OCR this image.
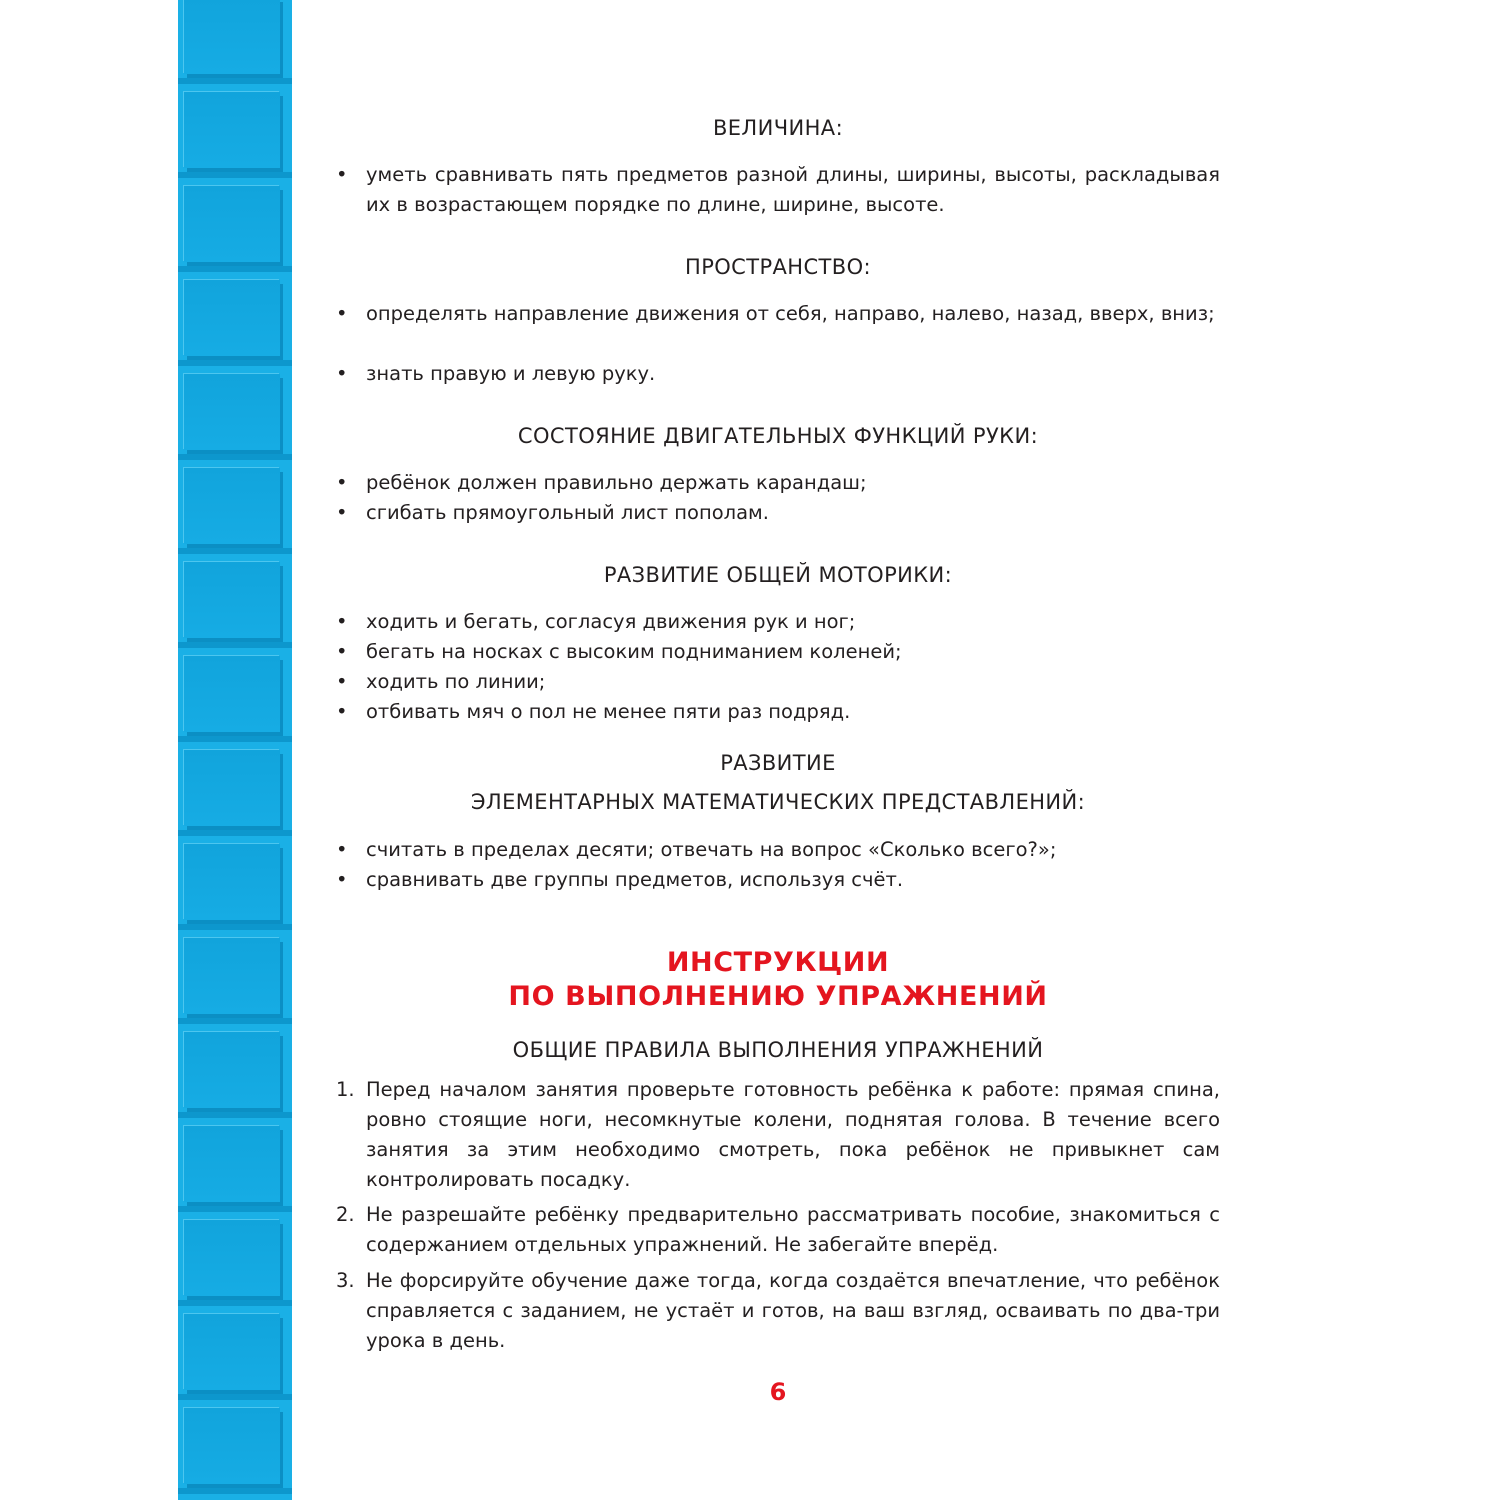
ВЕЛИЧИНА:
• уметь сравнивать пять предметов разной длины, ширины, высоты, раскладывая их в возрастающем порядке по длине, ширине, высоте.
ПРОСТРАНСТВО:
• определять направление движения от себя, направо, налево, назад, вверх, вниз;
• знать правую и левую руку.
СОСТОЯНИЕ ДВИГАТЕЛЬНЫХ ФУНКЦИЙ РУКИ:
• ребёнок должен правильно держать карандаш;
• сгибать прямоугольный лист пополам.
РАЗВИТИЕ ОБЩЕЙ МОТОРИКИ:
• ходить и бегать, согласуя движения рук и ног;
• бегать на носках с высоким подниманием коленей;
• ходить по линии;
• отбивать мяч о пол не менее пяти раз подряд.
РАЗВИТИЕ
ЭЛЕМЕНТАРНЫХ МАТЕМАТИЧЕСКИХ ПРЕДСТАВЛЕНИЙ:
• считать в пределах десяти; отвечать на вопрос «Сколько всего?»;
• сравнивать две группы предметов, используя счёт.
ИНСТРУКЦИИ
ПО ВЫПОЛНЕНИЮ УПРАЖНЕНИЙ
ОБЩИЕ ПРАВИЛА ВЫПОЛНЕНИЯ УПРАЖНЕНИЙ
1. Перед началом занятия проверьте готовность ребёнка к работе: прямая спина, ровно стоящие ноги, несомкнутые колени, поднятая голова. В течение всего занятия за этим необходимо смотреть, пока ребёнок не привыкнет сам контролировать посадку.
2. Не разрешайте ребёнку предварительно рассматривать пособие, знакомиться с содержанием отдельных упражнений. Не забегайте вперёд.
3. Не форсируйте обучение даже тогда, когда создаётся впечатление, что ребёнок справляется с заданием, не устаёт и готов, на ваш взгляд, осваивать по два-три урока в день.
6
